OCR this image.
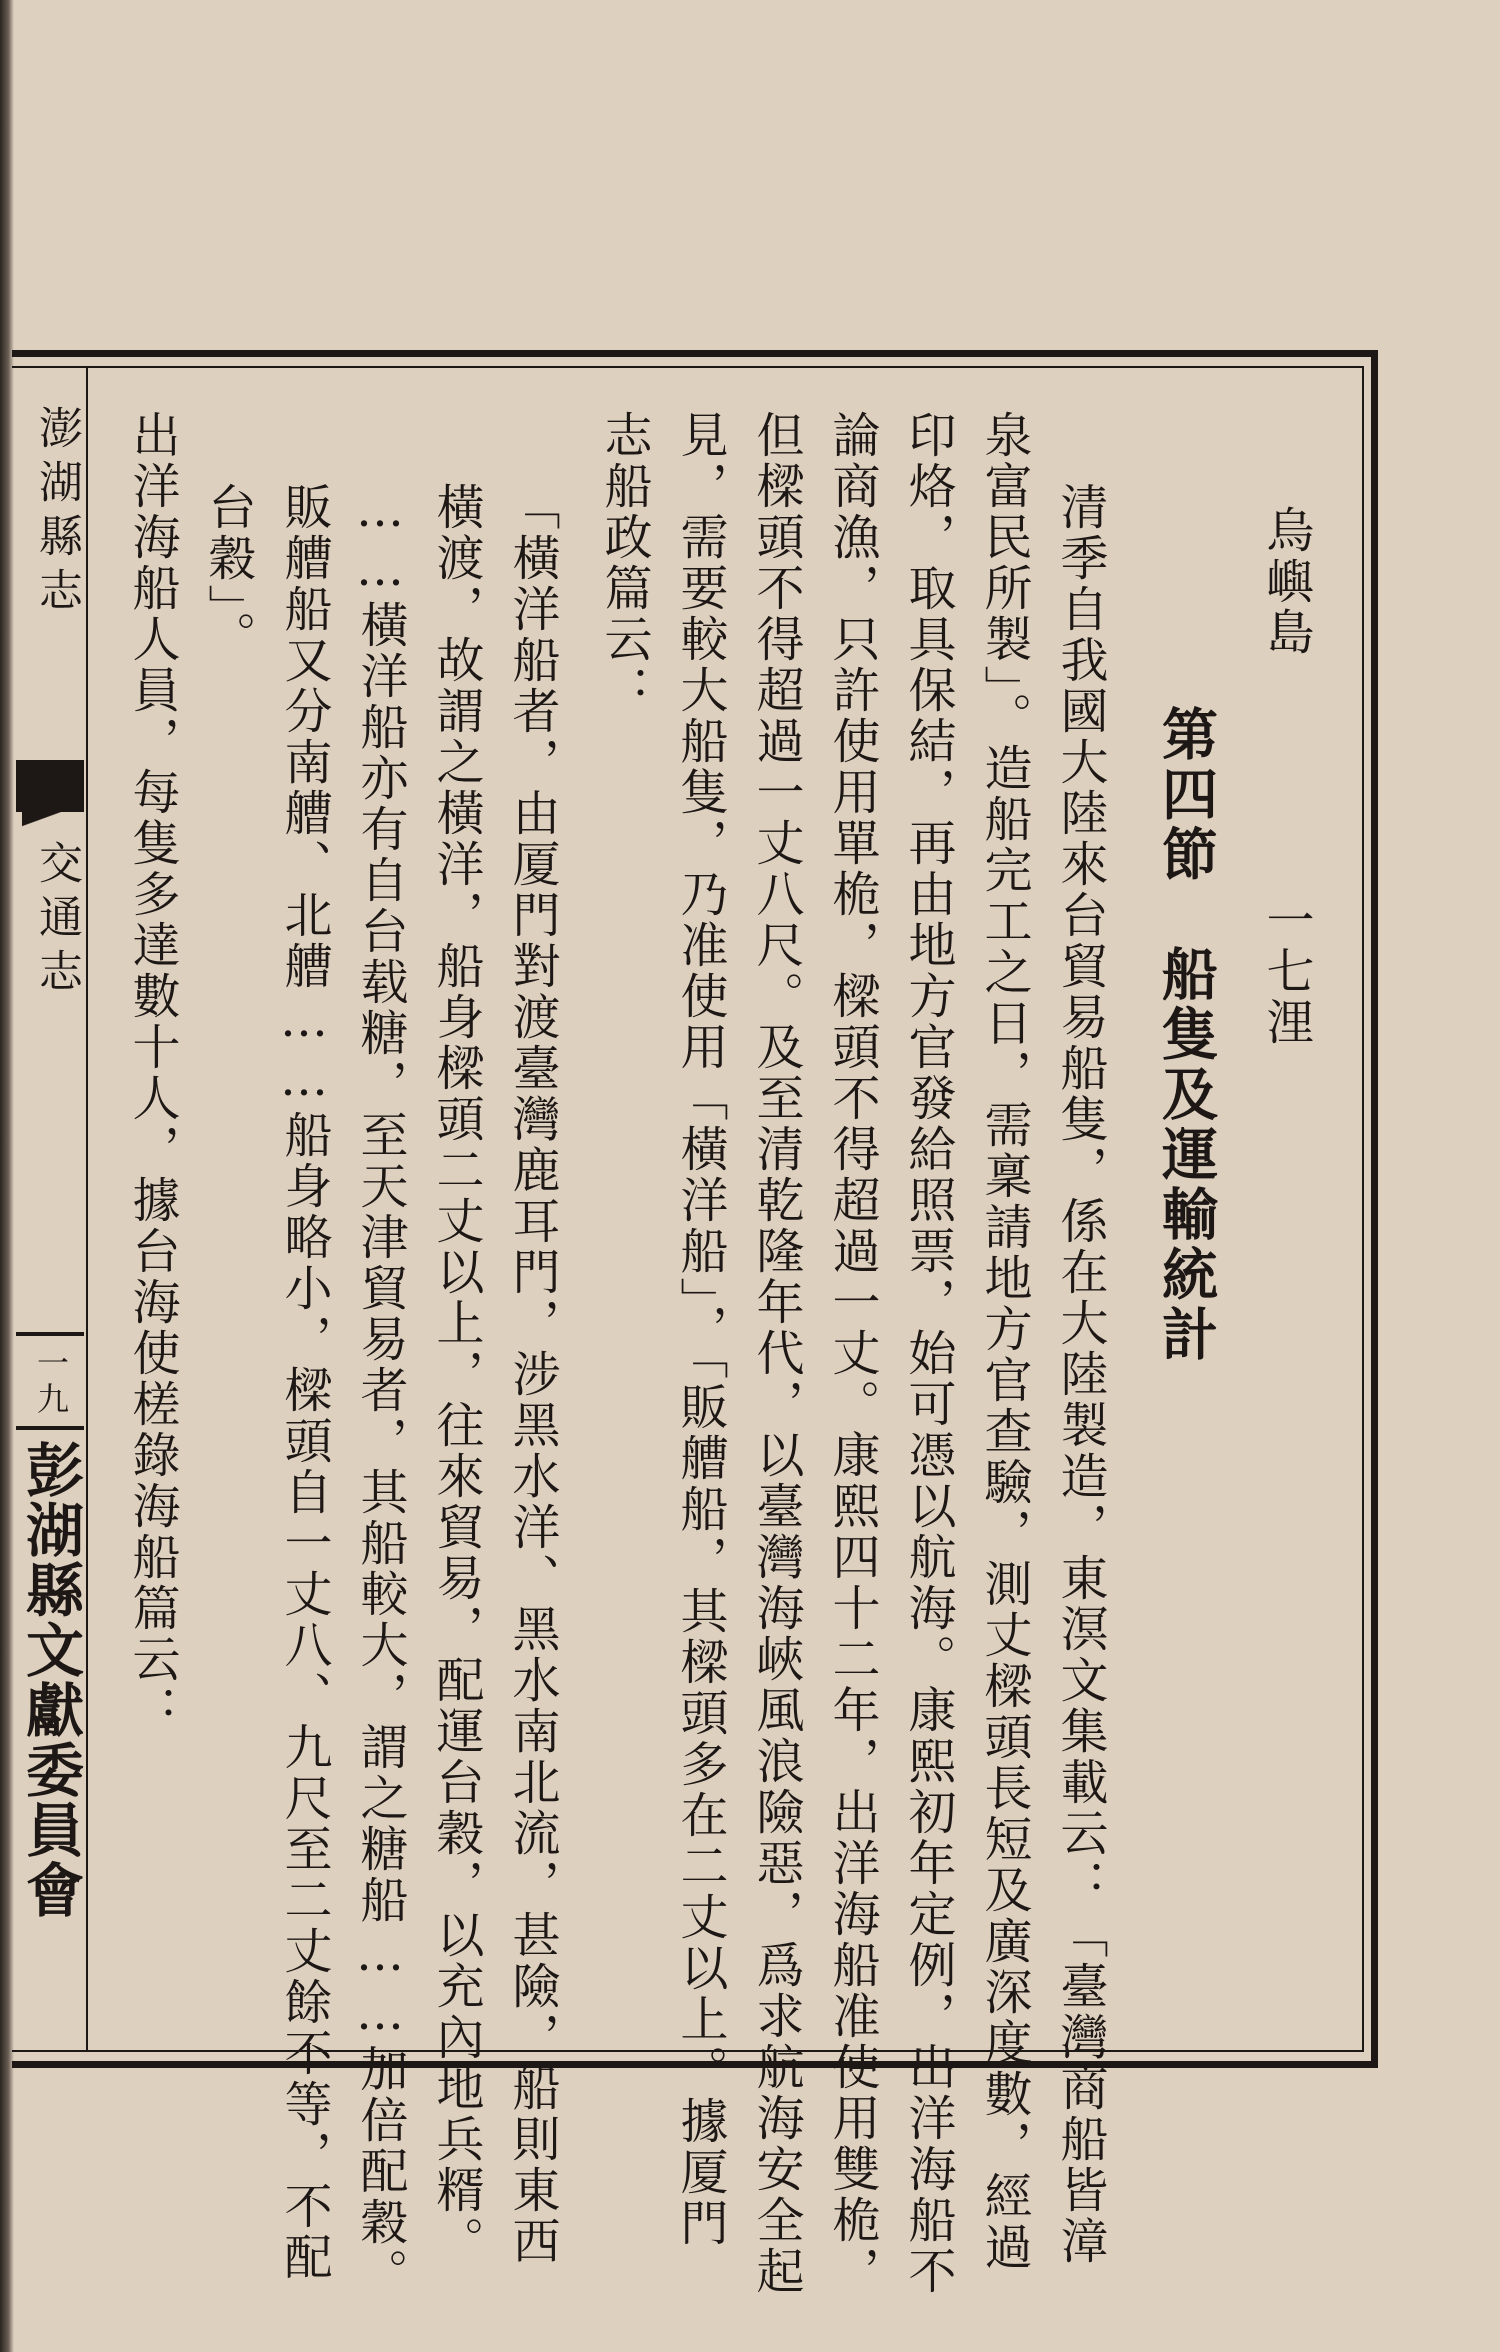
烏嶼島
一七浬
第四節　船隻及運輸統計
清季自我國大陸來台貿易船隻，係在大陸製造，東溟文集載云：「臺灣商船皆漳
泉富民所製」。造船完工之日，需稟請地方官查驗，測丈樑頭長短及廣深度數，經過
印烙，取具保結，再由地方官發給照票，始可憑以航海。康熙初年定例，出洋海船不
論商漁，只許使用單桅，樑頭不得超過一丈。康熙四十二年，出洋海船准使用雙桅，
但樑頭不得超過一丈八尺。及至清乾隆年代，以臺灣海峽風浪險惡，爲求航海安全起
見，需要較大船隻，乃准使用「橫洋船」，「販艚船，其樑頭多在二丈以上。據厦門
志船政篇云：
「橫洋船者，由厦門對渡臺灣鹿耳門，涉黑水洋、黑水南北流，甚險，船則東西
橫渡，故謂之橫洋，船身樑頭二丈以上，往來貿易，配運台穀，以充內地兵糈。
……橫洋船亦有自台载糖，至天津貿易者，其船較大，謂之糖船……加倍配穀。
販艚船又分南艚、北艚……船身略小，樑頭自一丈八、九尺至二丈餘不等，不配
台穀」。
出洋海船人員，每隻多達數十人，據台海使槎錄海船篇云：
澎湖縣志
交通志
一九
彭湖縣文獻委員會
